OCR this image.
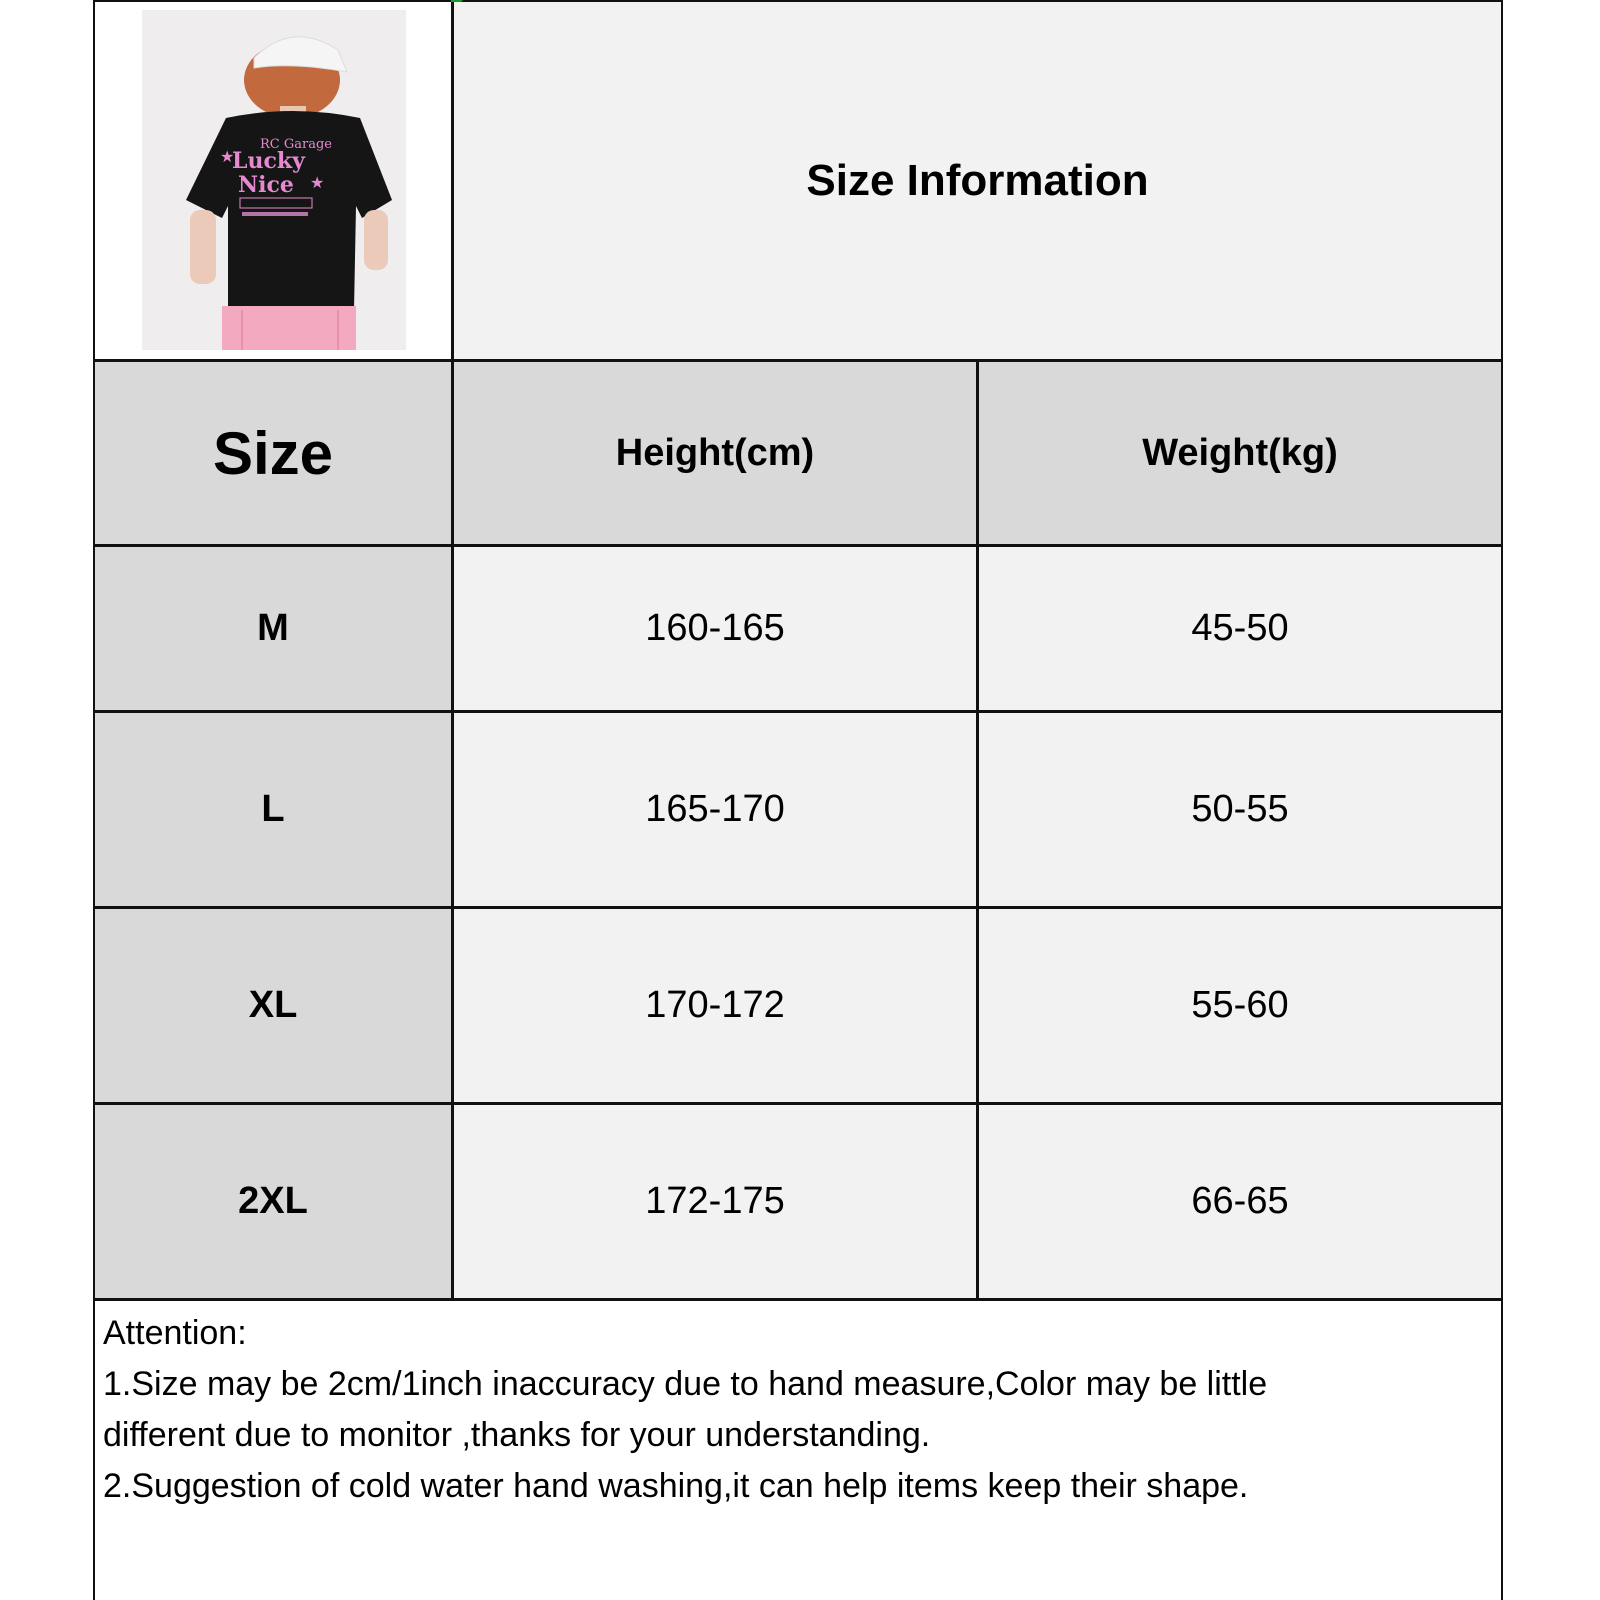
RC Garage
Lucky
Nice
★
★	Size Information
Size	Height(cm)	Weight(kg)
M	160-165	45-50
L	165-170	50-55
XL	170-172	55-60
2XL	172-175	66-65
Attention:
1.Size may be 2cm/1inch inaccuracy due to hand measure,Color may be little
different due to monitor ,thanks for your understanding.
2.Suggestion of cold water hand washing,it can help items keep their shape.
